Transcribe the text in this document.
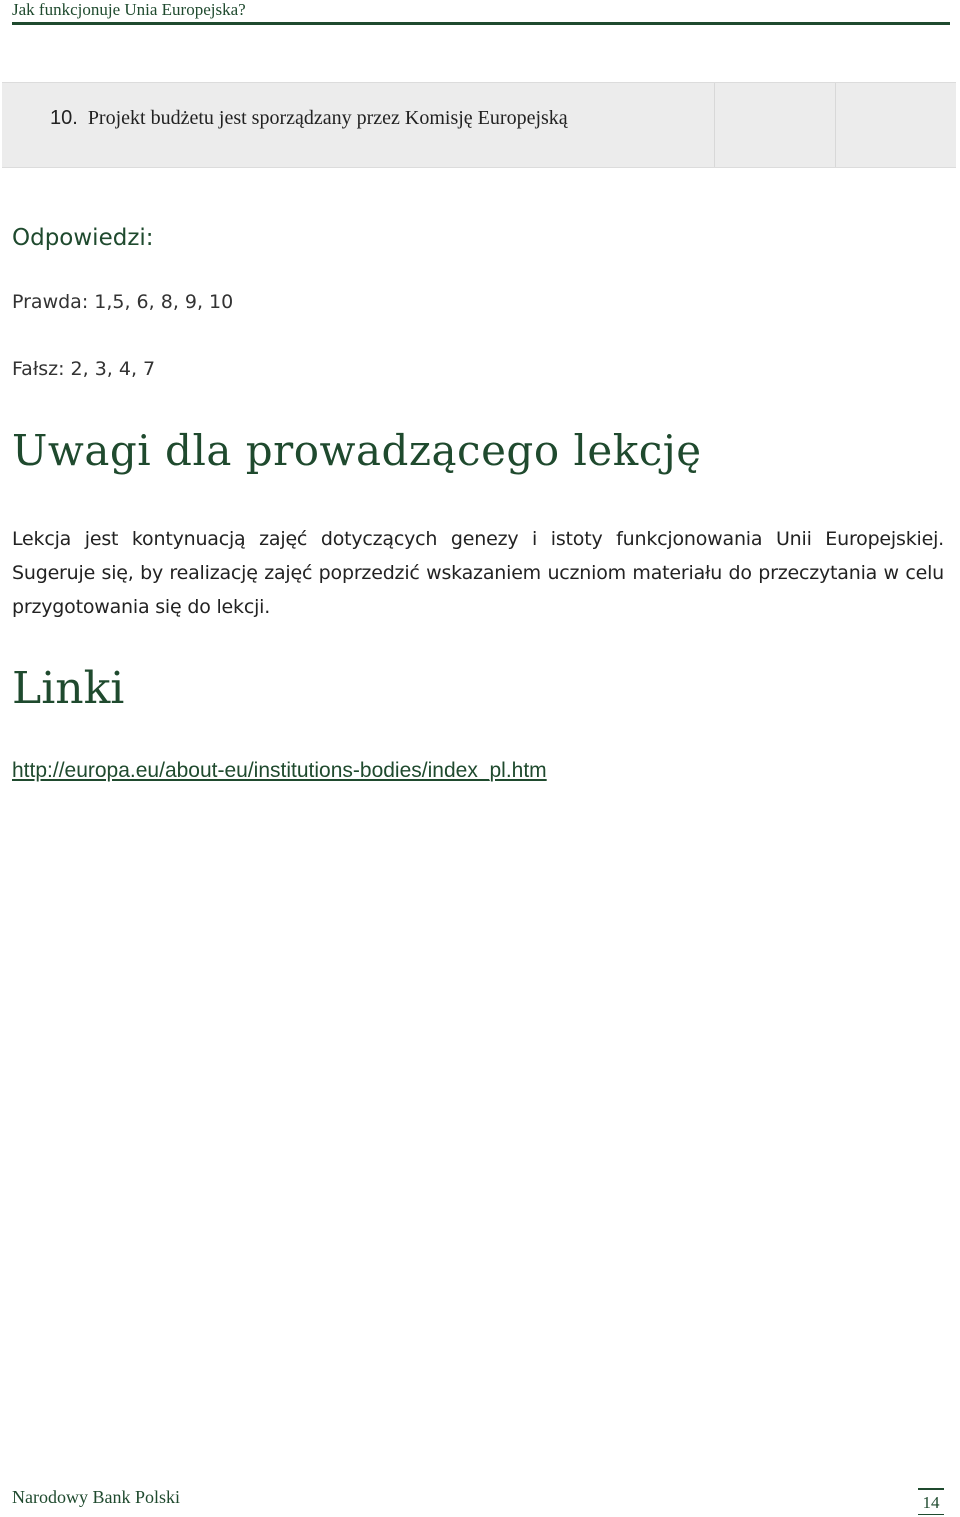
Jak funkcjonuje Unia Europejska?
10. Projekt budżetu jest sporządzany przez Komisję Europejską
Odpowiedzi:
Prawda: 1,5, 6, 8, 9, 10
Fałsz: 2, 3, 4, 7
Uwagi dla prowadzącego lekcję
Lekcja jest kontynuacją zajęć dotyczących genezy i istoty funkcjonowania Unii Europejskiej. Sugeruje się, by realizację zajęć poprzedzić wskazaniem uczniom materiału do przeczytania w celu przygotowania się do lekcji.
Linki
http://europa.eu/about-eu/institutions-bodies/index_pl.htm
Narodowy Bank Polski	14
